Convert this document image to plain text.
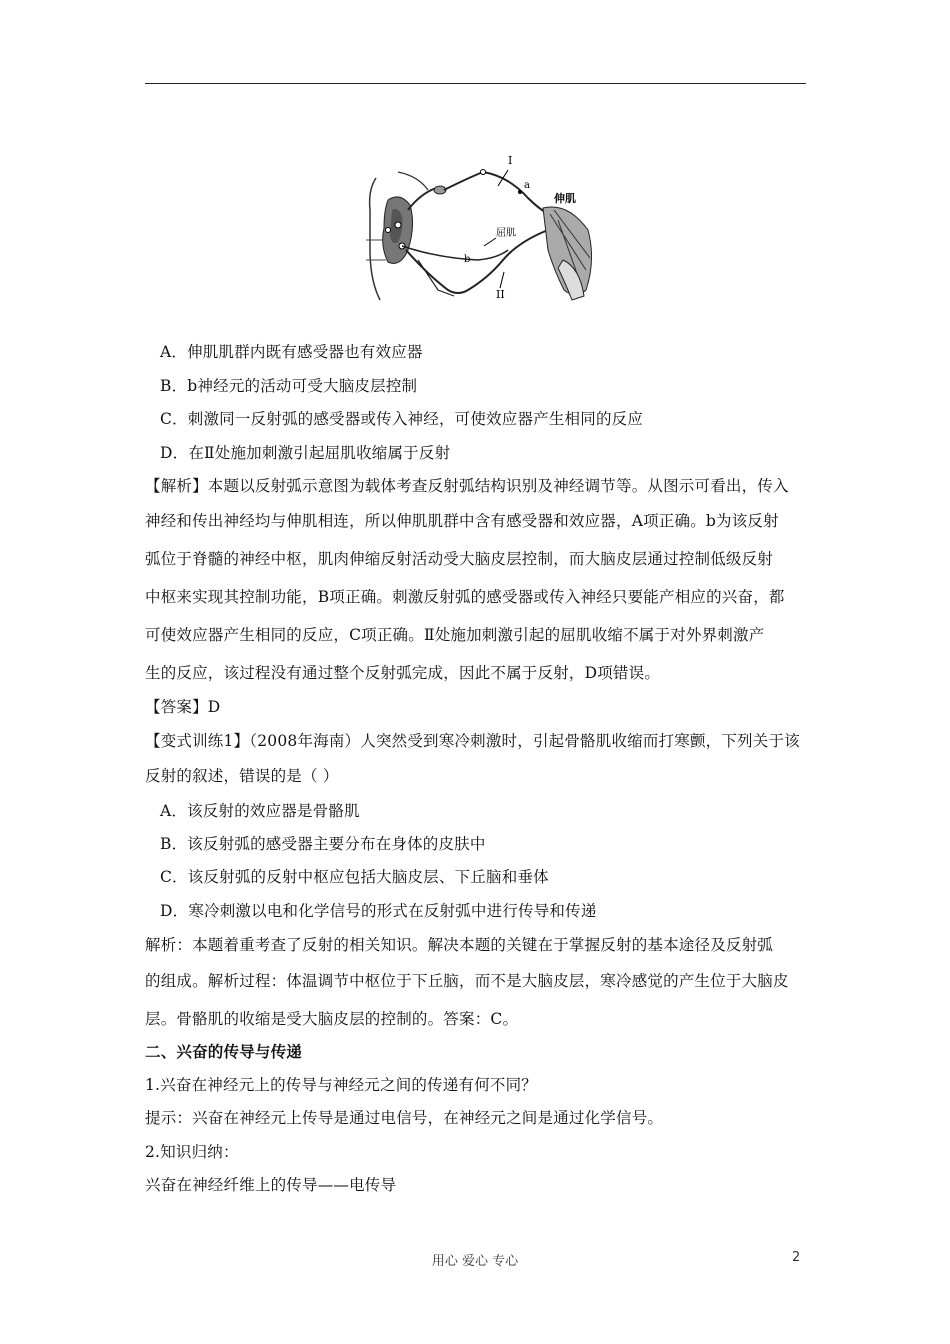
I
a
伸肌
屈肌
b
II
A．伸肌肌群内既有感受器也有效应器
B．b神经元的活动可受大脑皮层控制
C．刺激同一反射弧的感受器或传入神经，可使效应器产生相同的反应
D．在Ⅱ处施加刺激引起屈肌收缩属于反射
【解析】本题以反射弧示意图为载体考查反射弧结构识别及神经调节等。从图示可看出，传入
神经和传出神经均与伸肌相连，所以伸肌肌群中含有感受器和效应器，A项正确。b为该反射
弧位于脊髓的神经中枢，肌肉伸缩反射活动受大脑皮层控制，而大脑皮层通过控制低级反射
中枢来实现其控制功能，B项正确。刺激反射弧的感受器或传入神经只要能产相应的兴奋，都
可使效应器产生相同的反应，C项正确。Ⅱ处施加刺激引起的屈肌收缩不属于对外界刺激产
生的反应，该过程没有通过整个反射弧完成，因此不属于反射，D项错误。
【答案】D
【变式训练1】（2008年海南）人突然受到寒冷刺激时，引起骨骼肌收缩而打寒颤，下列关于该
反射的叙述，错误的是（ ）
A．该反射的效应器是骨骼肌
B．该反射弧的感受器主要分布在身体的皮肤中
C．该反射弧的反射中枢应包括大脑皮层、下丘脑和垂体
D．寒冷刺激以电和化学信号的形式在反射弧中进行传导和传递
解析：本题着重考查了反射的相关知识。解决本题的关键在于掌握反射的基本途径及反射弧
的组成。解析过程：体温调节中枢位于下丘脑，而不是大脑皮层，寒冷感觉的产生位于大脑皮
层。骨骼肌的收缩是受大脑皮层的控制的。答案：C。
二、兴奋的传导与传递
1.兴奋在神经元上的传导与神经元之间的传递有何不同？
提示：兴奋在神经元上传导是通过电信号，在神经元之间是通过化学信号。
2.知识归纳：
兴奋在神经纤维上的传导——电传导
用心 爱心 专心	2
